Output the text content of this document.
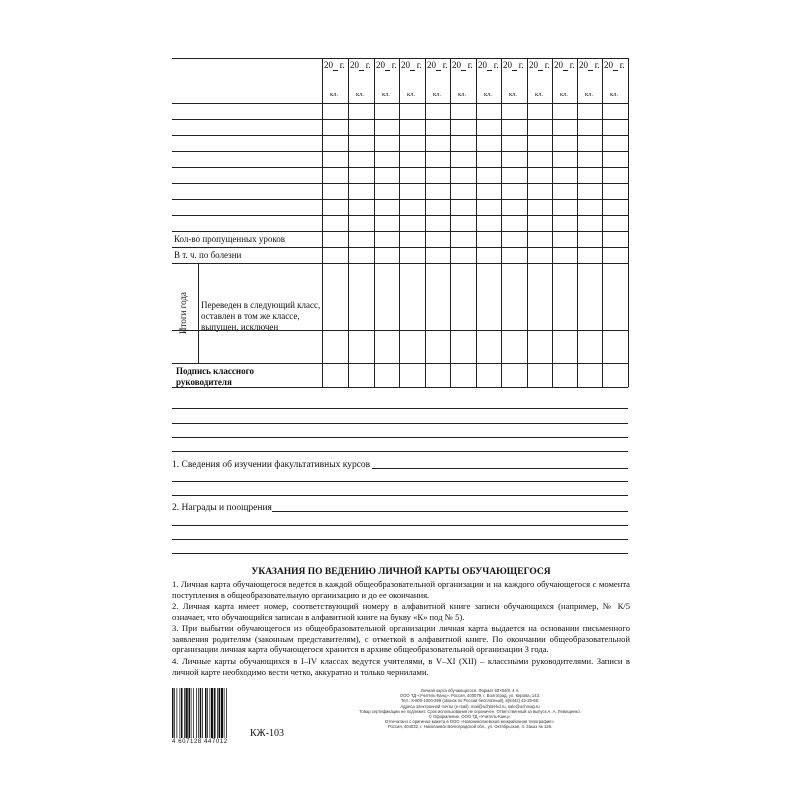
Кол-во пропущенных уроков
В т. ч. по болезни
Итоги года Переведен в следующий класс,
оставлен в том же классе,
выпущен, исключен
Подпись классного
руководителя
1. Сведения об изучении факультативных курсов
2. Награды и поощрения
УКАЗАНИЯ ПО ВЕДЕНИЮ ЛИЧНОЙ КАРТЫ ОБУЧАЮЩЕГОСЯ
1. Личная карта обучающегося ведется в каждой общеобразовательной организации и на каждого обучающегося с момента поступления в общеобразовательную организацию и до ее окончания.
2. Личная карта имеет номер, соответствующий номеру в алфавитной книге записи обучающихся (например, № К/5 означает, что обучающийся записан в алфавитной книге на букву «К» под № 5).
3. При выбытии обучающегося из общеобразовательной организации личная карта выдается на основании письменного заявления родителям (законным представителям), с отметкой в алфавитной книге. По окончании общеобразовательной организации личная карта обучающегося хранится в архиве общеобразовательной организации 3 года.
4. Личные карты обучающихся в I–IV классах ведутся учителями, в V–XI (XII) – классными руководителями. Записи в личной карте необходимо вести четко, аккуратно и только чернилами.
4 607128 447012
КЖ-103
Личная карта обучающегося. Формат 60×84/8. 4 л.
ООО ТД «Учитель-Канц». Россия, 400079, г. Волгоград, ул. Кирова, 143.
Тел.: 8-800-1000-299 (звонок по России бесплатный), 8(8442) 42-25-58.
Адреса электронной почты (e-mail): mail@uchitel-kd.ru, sale@uchmag.ru
Товар сертификации не подлежит. Срок использования не ограничен. Ответственный за выпуск А. А. Левищенко.
© Оформление. ООО ТД «Учитель-Канц».
Отпечатано с оригинал-макета в ООО «Новониколаевская межрайонная типография».
Россия, 404032, г. Николаевск Волгоградской обл., ул. Октябрьская, 4. Заказ № 126.
20   г.
кл.
20   г.
кл.
20   г.
кл.
20   г.
кл.
20   г.
кл.
20   г.
кл.
20   г.
кл.
20   г.
кл.
20   г.
кл.
20   г.
кл.
20   г.
кл.
20   г.
кл.
